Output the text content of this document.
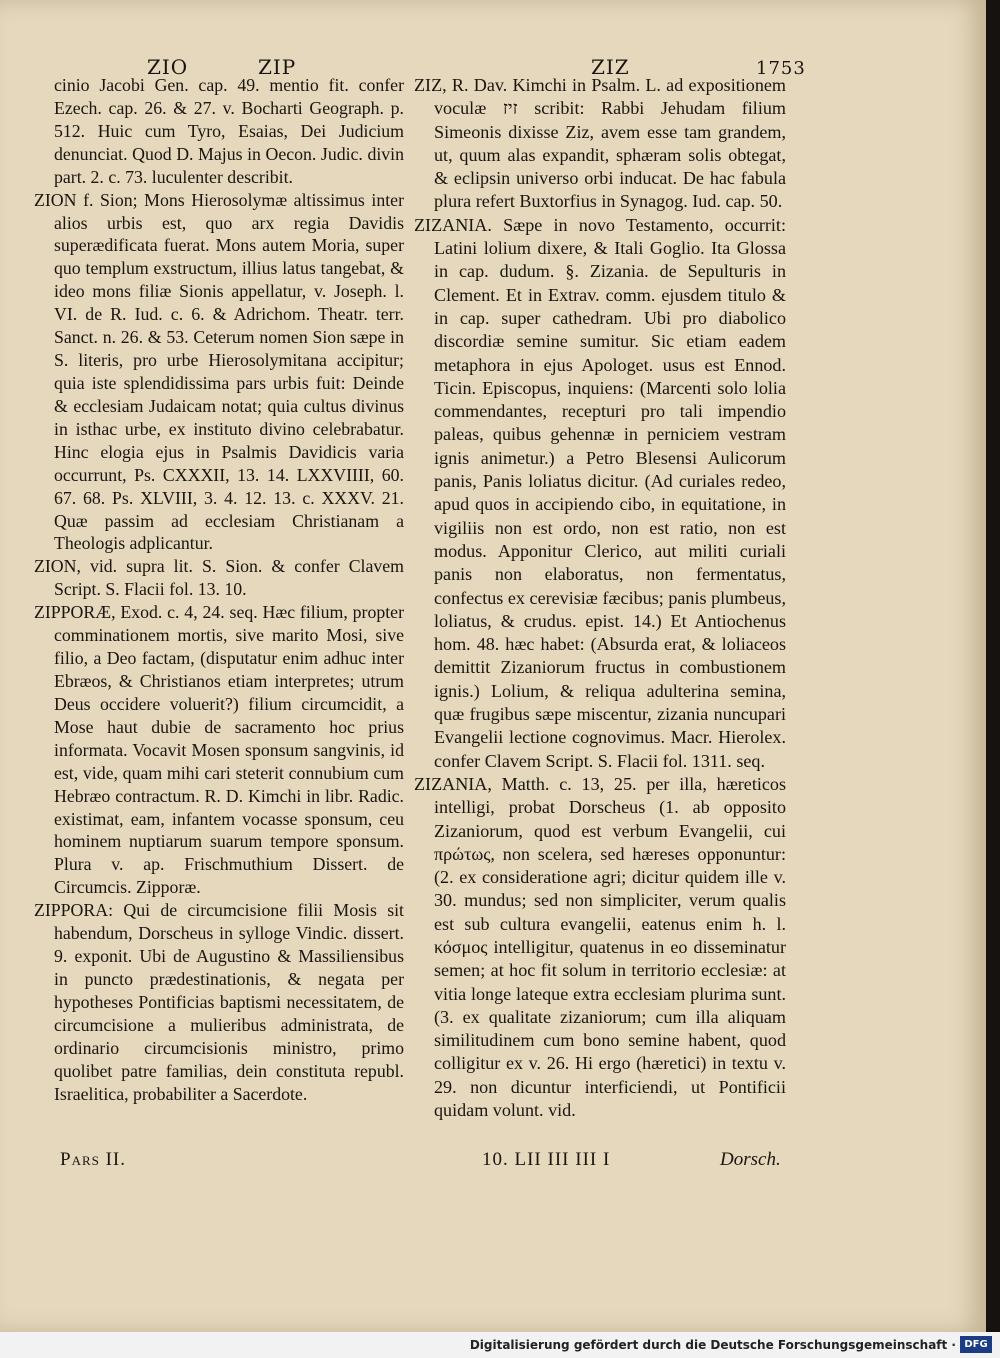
ZIO	ZIP	ZIZ	1753

cinio Jacobi Gen. cap. 49. mentio fit. confer Ezech. cap. 26. & 27. v. Bocharti Geograph. p. 512. Huic cum Tyro, Esaias, Dei Judicium denunciat. Quod D. Majus in Oecon. Judic. divin part. 2. c. 73. luculenter describit.

ZION f. Sion; Mons Hierosolymæ altissimus inter alios urbis est, quo arx regia Davidis superædificata fuerat. Mons autem Moria, super quo templum exstructum, illius latus tangebat, & ideo mons filiæ Sionis appellatur, v. Joseph. l. VI. de R. Iud. c. 6. & Adrichom. Theatr. terr. Sanct. n. 26. & 53. Ceterum nomen Sion sæpe in S. literis, pro urbe Hierosolymitana accipitur; quia iste splendidissima pars urbis fuit: Deinde & ecclesiam Judaicam notat; quia cultus divinus in isthac urbe, ex instituto divino celebrabatur. Hinc elogia ejus in Psalmis Davidicis varia occurrunt, Ps. CXXXII, 13. 14. LXXVIIII, 60. 67. 68. Ps. XLVIII, 3. 4. 12. 13. c. XXXV. 21. Quæ passim ad ecclesiam Christianam a Theologis adplicantur.

ZION, vid. supra lit. S. Sion. & confer Clavem Script. S. Flacii fol. 13. 10.

ZIPPORÆ, Exod. c. 4, 24. seq. Hæc filium, propter comminationem mortis, sive marito Mosi, sive filio, a Deo factam, (disputatur enim adhuc inter Ebræos, & Christianos etiam interpretes; utrum Deus occidere voluerit?) filium circumcidit, a Mose haut dubie de sacramento hoc prius informata. Vocavit Mosen sponsum sangvinis, id est, vide, quam mihi cari steterit connubium cum Hebræo contractum. R. D. Kimchi in libr. Radic. existimat, eam, infantem vocasse sponsum, ceu hominem nuptiarum suarum tempore sponsum. Plura v. ap. Frischmuthium Dissert. de Circumcis. Zipporæ.

ZIPPORA: Qui de circumcisione filii Mosis sit habendum, Dorscheus in sylloge Vindic. dissert. 9. exponit. Ubi de Augustino & Massiliensibus in puncto prædestinationis, & negata per hypotheses Pontificias baptismi necessitatem, de circumcisione a mulieribus administrata, de ordinario circumcisionis ministro, primo quolibet patre familias, dein constituta republ. Israelitica, probabiliter a Sacerdote.

ZIZ, R. Dav. Kimchi in Psalm. L. ad expositionem voculæ זיז scribit: Rabbi Jehudam filium Simeonis dixisse Ziz, avem esse tam grandem, ut, quum alas expandit, sphæram solis obtegat, & eclipsin universo orbi inducat. De hac fabula plura refert Buxtorfius in Synagog. Iud. cap. 50.

ZIZANIA. Sæpe in novo Testamento, occurrit: Latini lolium dixere, & Itali Goglio. Ita Glossa in cap. dudum. §. Zizania. de Sepulturis in Clement. Et in Extrav. comm. ejusdem titulo & in cap. super cathedram. Ubi pro diabolico discordiæ semine sumitur. Sic etiam eadem metaphora in ejus Apologet. usus est Ennod. Ticin. Episcopus, inquiens: (Marcenti solo lolia commendantes, recepturi pro tali impendio paleas, quibus gehennæ in perniciem vestram ignis animetur.) a Petro Blesensi Aulicorum panis, Panis loliatus dicitur. (Ad curiales redeo, apud quos in accipiendo cibo, in equitatione, in vigiliis non est ordo, non est ratio, non est modus. Apponitur Clerico, aut militi curiali panis non elaboratus, non fermentatus, confectus ex cerevisiæ fæcibus; panis plumbeus, loliatus, & crudus. epist. 14.) Et Antiochenus hom. 48. hæc habet: (Absurda erat, & loliaceos demittit Zizaniorum fructus in combustionem ignis.) Lolium, & reliqua adulterina semina, quæ frugibus sæpe miscentur, zizania nuncupari Evangelii lectione cognovimus. Macr. Hierolex. confer Clavem Script. S. Flacii fol. 1311. seq.

ZIZANIA, Matth. c. 13, 25. per illa, hæreticos intelligi, probat Dorscheus (1. ab opposito Zizaniorum, quod est verbum Evangelii, cui πρώτως, non scelera, sed hæreses opponuntur: (2. ex consideratione agri; dicitur quidem ille v. 30. mundus; sed non simpliciter, verum qualis est sub cultura evangelii, eatenus enim h. l. κόσμος intelligitur, quatenus in eo disseminatur semen; at hoc fit solum in territorio ecclesiæ: at vitia longe lateque extra ecclesiam plurima sunt. (3. ex qualitate zizaniorum; cum illa aliquam similitudinem cum bono semine habent, quod colligitur ex v. 26. Hi ergo (hæretici) in textu v. 29. non dicuntur interficiendi, ut Pontificii quidam volunt. vid.

Pars II.	10. LII III III I	Dorsch.
Digitalisierung gefördert durch die Deutsche Forschungsgemeinschaft · DFG
